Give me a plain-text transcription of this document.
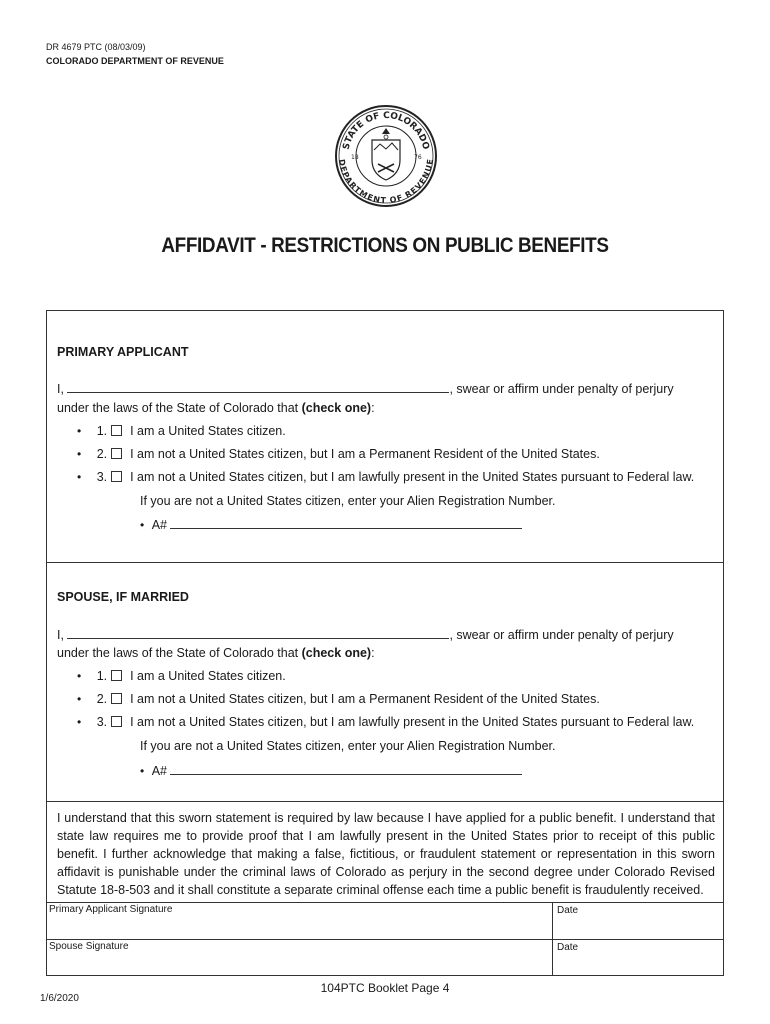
DR 4679 PTC (08/03/09)
COLORADO DEPARTMENT OF REVENUE
STATE OF COLORADO
DEPARTMENT OF REVENUE
18	76
AFFIDAVIT - RESTRICTIONS ON PUBLIC BENEFITS
PRIMARY APPLICANT
I,	, swear or affirm under penalty of perjury
under the laws of the State of Colorado that (check one):
• 1. I am a United States citizen.
• 2. I am not a United States citizen, but I am a Permanent Resident of the United States.
• 3. I am not a United States citizen, but I am lawfully present in the United States pursuant to Federal law.
If you are not a United States citizen, enter your Alien Registration Number.
• A#
SPOUSE, IF MARRIED
I,	, swear or affirm under penalty of perjury
under the laws of the State of Colorado that (check one):
• 1. I am a United States citizen.
• 2. I am not a United States citizen, but I am a Permanent Resident of the United States.
• 3. I am not a United States citizen, but I am lawfully present in the United States pursuant to Federal law.
If you are not a United States citizen, enter your Alien Registration Number.
• A#
I understand that this sworn statement is required by law because I have applied for a public benefit. I understand that state law requires me to provide proof that I am lawfully present in the United States prior to receipt of this public benefit. I further acknowledge that making a false, fictitious, or fraudulent statement or representation in this sworn affidavit is punishable under the criminal laws of Colorado as perjury in the second degree under Colorado Revised Statute 18-8-503 and it shall constitute a separate criminal offense each time a public benefit is fraudulently received.
Primary Applicant Signature	Date
Spouse Signature	Date
104PTC Booklet Page 4
1/6/2020
